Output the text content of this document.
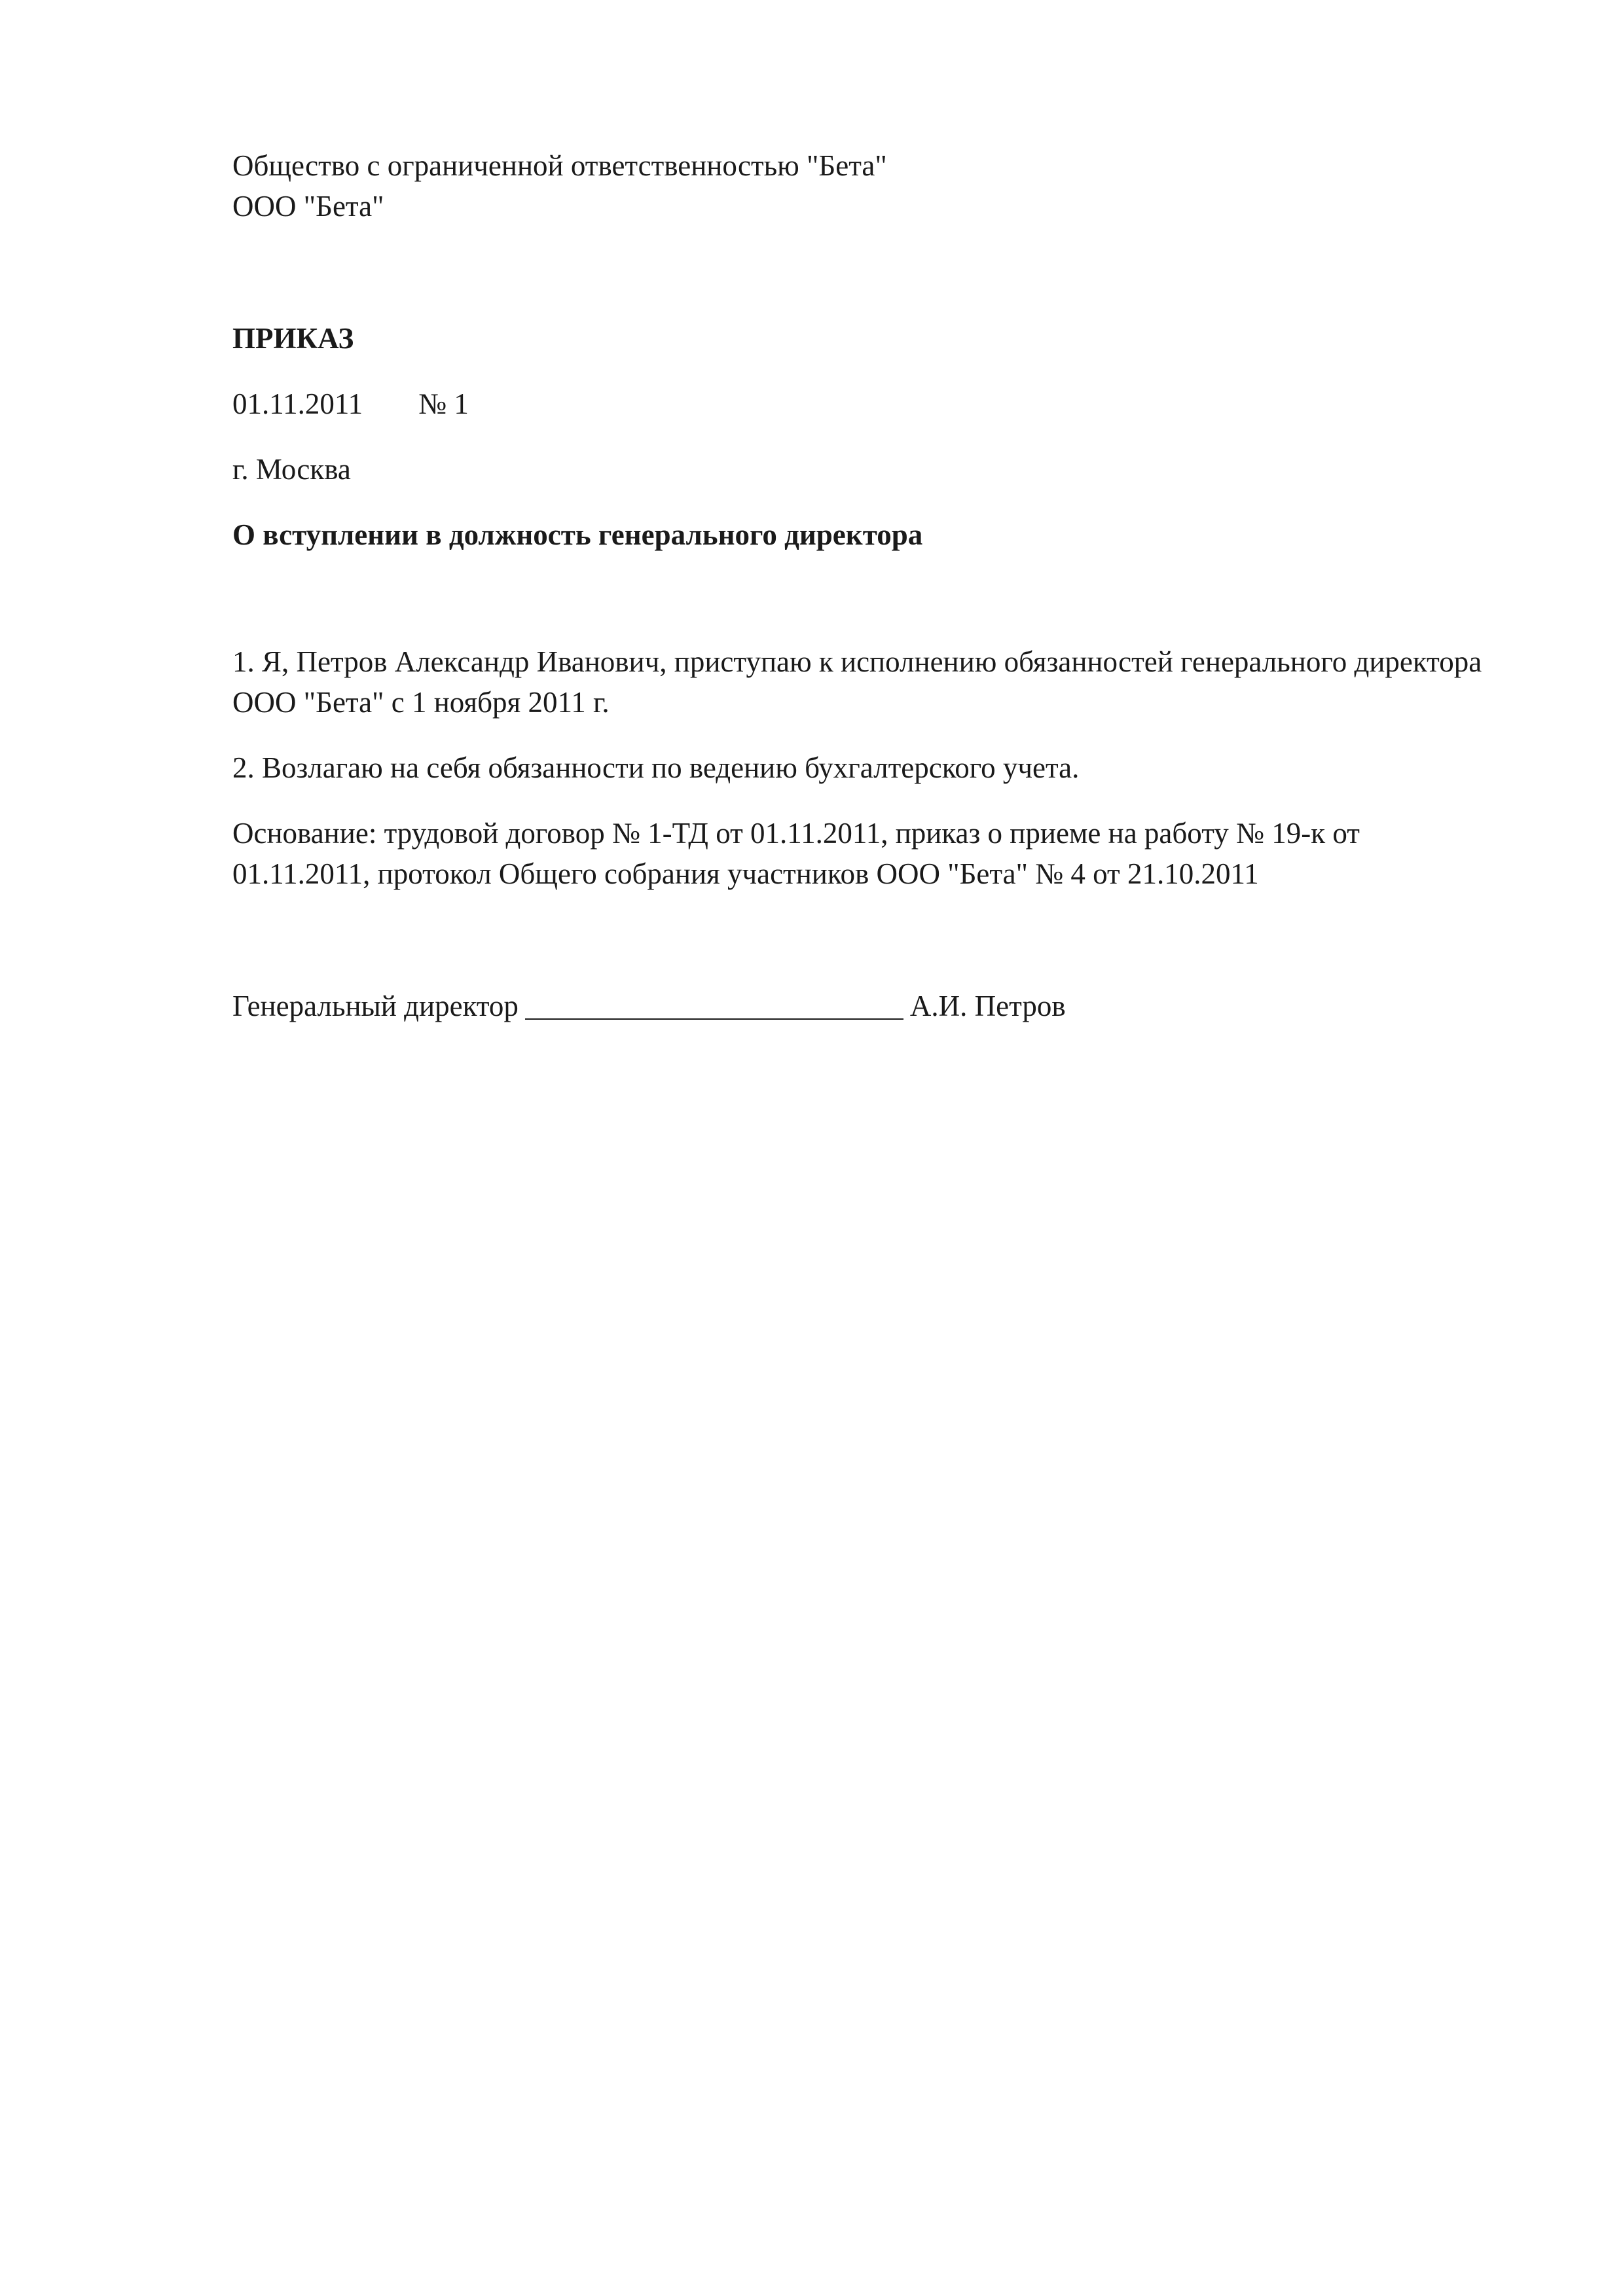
Общество с ограниченной ответственностью "Бета"
ООО "Бета"
ПРИКАЗ
01.11.2011 № 1
г. Москва
О вступлении в должность генерального директора
1. Я, Петров Александр Иванович, приступаю к исполнению обязанностей генерального директора
ООО "Бета" с 1 ноября 2011 г.
2. Возлагаю на себя обязанности по ведению бухгалтерского учета.
Основание: трудовой договор № 1-ТД от 01.11.2011, приказ о приеме на работу № 19-к от
01.11.2011, протокол Общего собрания участников ООО "Бета" № 4 от 21.10.2011
Генеральный директор	А.И. Петров
